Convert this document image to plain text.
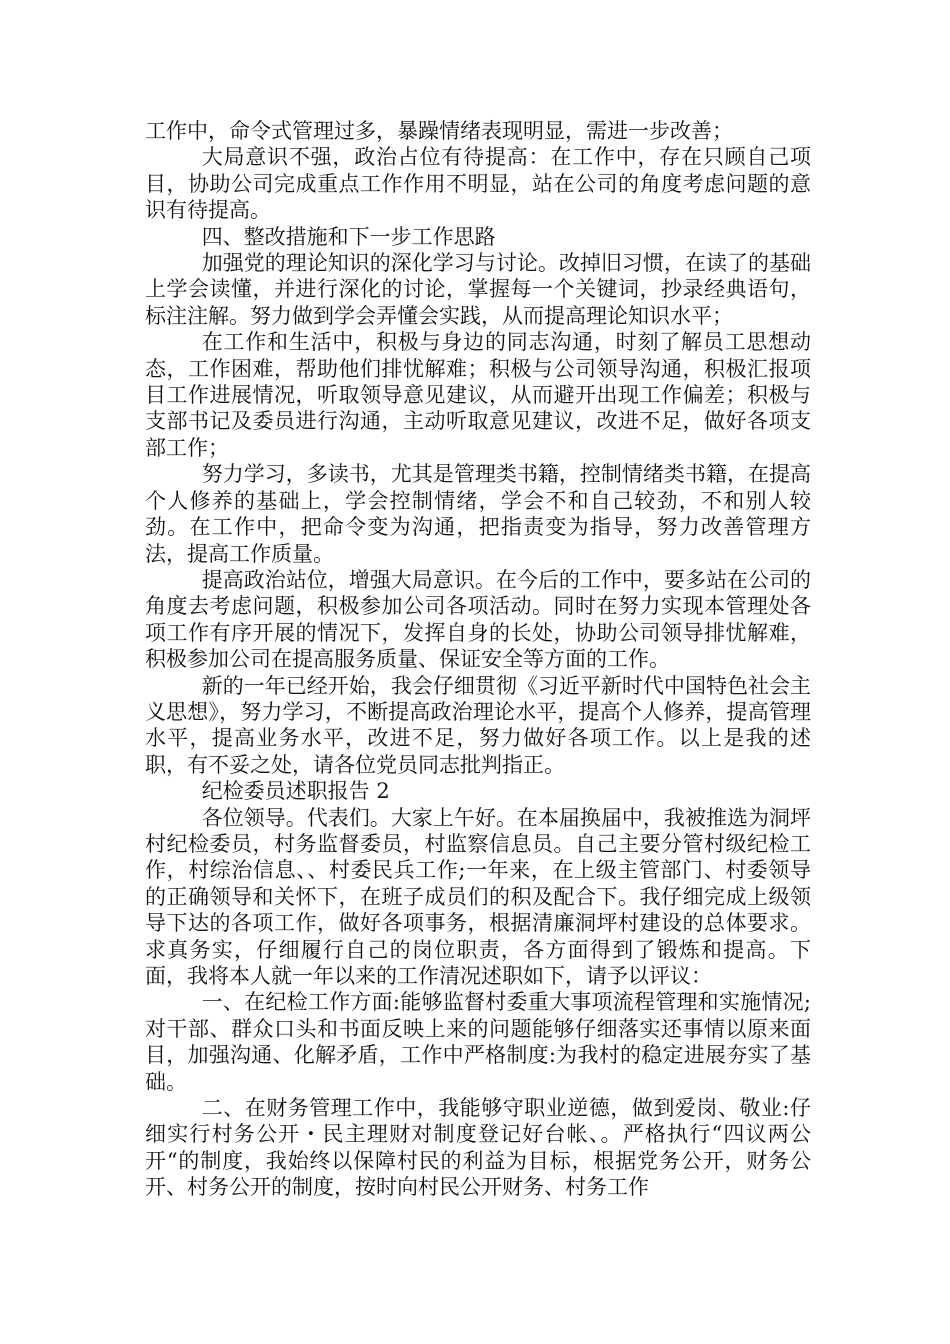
工作中，命令式管理过多，暴躁情绪表现明显，需进一步改善；

大局意识不强，政治占位有待提高：在工作中，存在只顾自己项目，协助公司完成重点工作作用不明显，站在公司的角度考虑问题的意识有待提高。

四、整改措施和下一步工作思路

加强党的理论知识的深化学习与讨论。改掉旧习惯，在读了的基础上学会读懂，并进行深化的讨论，掌握每一个关键词，抄录经典语句，标注注解。努力做到学会弄懂会实践，从而提高理论知识水平；

在工作和生活中，积极与身边的同志沟通，时刻了解员工思想动态，工作困难，帮助他们排忧解难；积极与公司领导沟通，积极汇报项目工作进展情况，听取领导意见建议，从而避开出现工作偏差；积极与支部书记及委员进行沟通，主动听取意见建议，改进不足，做好各项支部工作；

努力学习，多读书，尤其是管理类书籍，控制情绪类书籍，在提高个人修养的基础上，学会控制情绪，学会不和自己较劲，不和别人较劲。在工作中，把命令变为沟通，把指责变为指导，努力改善管理方法，提高工作质量。

提高政治站位，增强大局意识。在今后的工作中，要多站在公司的角度去考虑问题，积极参加公司各项活动。同时在努力实现本管理处各项工作有序开展的情况下，发挥自身的长处，协助公司领导排忧解难，积极参加公司在提高服务质量、保证安全等方面的工作。

新的一年已经开始，我会仔细贯彻《习近平新时代中国特色社会主义思想》，努力学习，不断提高政治理论水平，提高个人修养，提高管理水平，提高业务水平，改进不足，努力做好各项工作。以上是我的述职，有不妥之处，请各位党员同志批判指正。

纪检委员述职报告 2

各位领导。代表们。大家上午好。在本届换届中，我被推选为洞坪村纪检委员，村务监督委员，村监察信息员。自己主要分管村级纪检工作，村综治信息、、村委民兵工作;一年来，在上级主管部门、村委领导的正确领导和关怀下，在班子成员们的积及配合下。我仔细完成上级领导下达的各项工作，做好各项事务，根据清廉洞坪村建设的总体要求。求真务实，仔细履行自己的岗位职责，各方面得到了锻炼和提高。下面，我将本人就一年以来的工作清况述职如下，请予以评议：

一、在纪检工作方面:能够监督村委重大事项流程管理和实施情况;对干部、群众口头和书面反映上来的问题能够仔细落实还事情以原来面目，加强沟通、化解矛盾，工作中严格制度:为我村的稳定进展夯实了基础。

二、在财务管理工作中，我能够守职业逆德，做到爱岗、敬业:仔细实行村务公开・民主理财对制度登记好台帐、。严格执行“四议两公开“的制度，我始终以保障村民的利益为目标，根据党务公开，财务公开、村务公开的制度，按时向村民公开财务、村务工作
